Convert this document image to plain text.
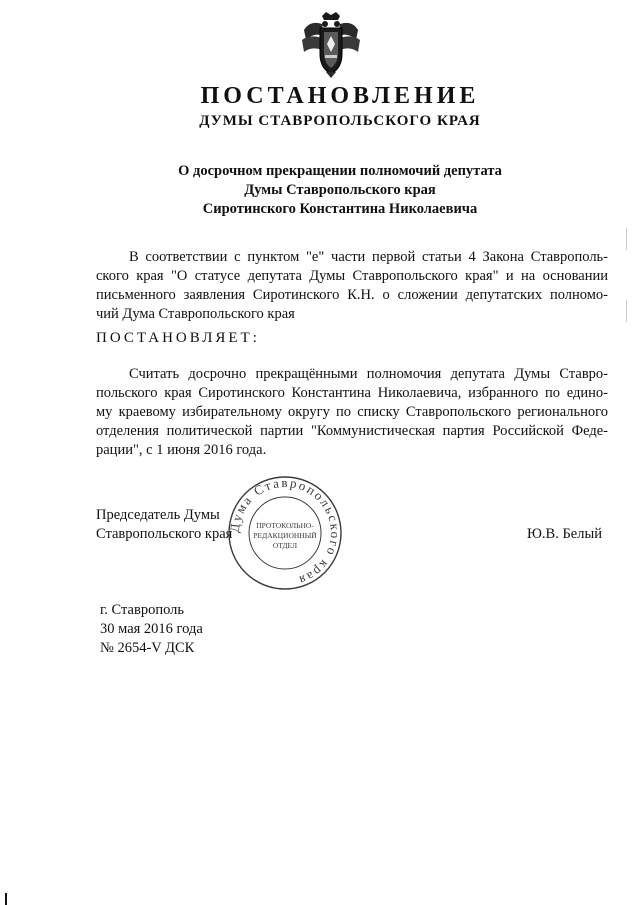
ПОСТАНОВЛЕНИЕ
ДУМЫ СТАВРОПОЛЬСКОГО КРАЯ
О досрочном прекращении полномочий депутата
Думы Ставропольского края
Сиротинского Константина Николаевича
В соответствии с пунктом "е" части первой статьи 4 Закона Ставрополь-
ского края "О статусе депутата Думы Ставропольского края" и на основании
письменного заявления Сиротинского К.Н. о сложении депутатских полномо-
чий Дума Ставропольского края
ПОСТАНОВЛЯЕТ:
Считать досрочно прекращёнными полномочия депутата Думы Ставро-
польского края Сиротинского Константина Николаевича, избранного по едино-
му краевому избирательному округу по списку Ставропольского регионального
отделения политической партии "Коммунистическая партия Российской Феде-
рации", с 1 июня 2016 года.
Председатель Думы
Ставропольского края	Ю.В. Белый
Дума Ставропольского края
ПРОТОКОЛЬНО-
РЕДАКЦИОННЫЙ
ОТДЕЛ
г. Ставрополь
30 мая 2016 года
№ 2654-V ДСК
